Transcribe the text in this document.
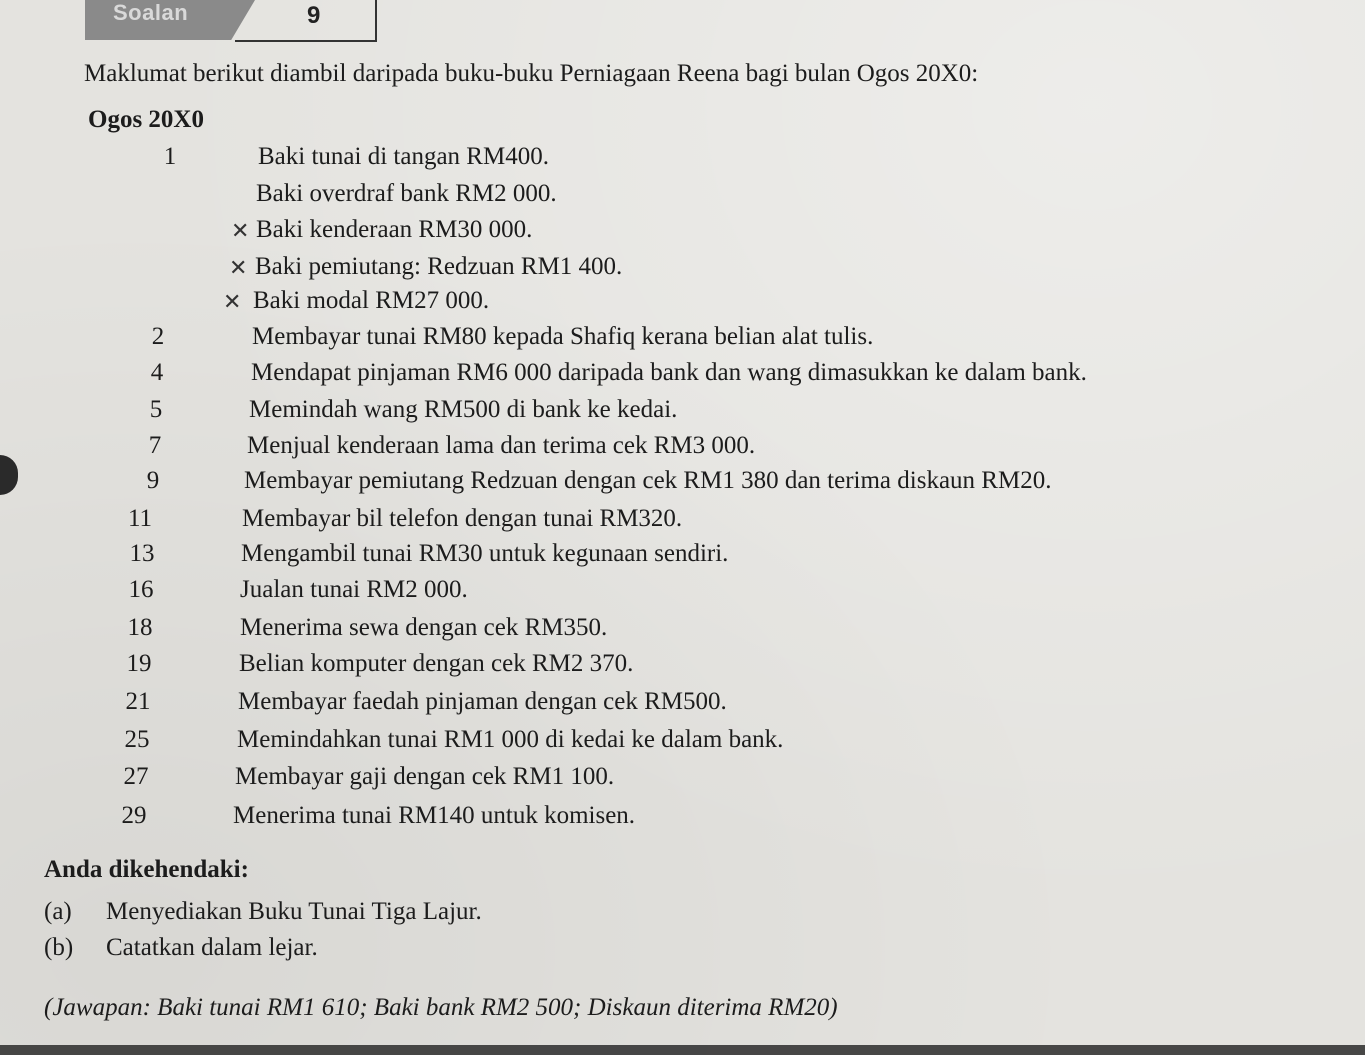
Soalan	9
Maklumat berikut diambil daripada buku-buku Perniagaan Reena bagi bulan Ogos 20X0:
Ogos 20X0
1	Baki tunai di tangan RM400.
Baki overdraf bank RM2 000.
✕ Baki kenderaan RM30 000.
✕ Baki pemiutang: Redzuan RM1 400.
✕ Baki modal RM27 000.
2	Membayar tunai RM80 kepada Shafiq kerana belian alat tulis.
4	Mendapat pinjaman RM6 000 daripada bank dan wang dimasukkan ke dalam bank.
5	Memindah wang RM500 di bank ke kedai.
7	Menjual kenderaan lama dan terima cek RM3 000.
9	Membayar pemiutang Redzuan dengan cek RM1 380 dan terima diskaun RM20.
11	Membayar bil telefon dengan tunai RM320.
13	Mengambil tunai RM30 untuk kegunaan sendiri.
16	Jualan tunai RM2 000.
18	Menerima sewa dengan cek RM350.
19	Belian komputer dengan cek RM2 370.
21	Membayar faedah pinjaman dengan cek RM500.
25	Memindahkan tunai RM1 000 di kedai ke dalam bank.
27	Membayar gaji dengan cek RM1 100.
29	Menerima tunai RM140 untuk komisen.
Anda dikehendaki:
(a) Menyediakan Buku Tunai Tiga Lajur.
(b) Catatkan dalam lejar.
(Jawapan: Baki tunai RM1 610; Baki bank RM2 500; Diskaun diterima RM20)
